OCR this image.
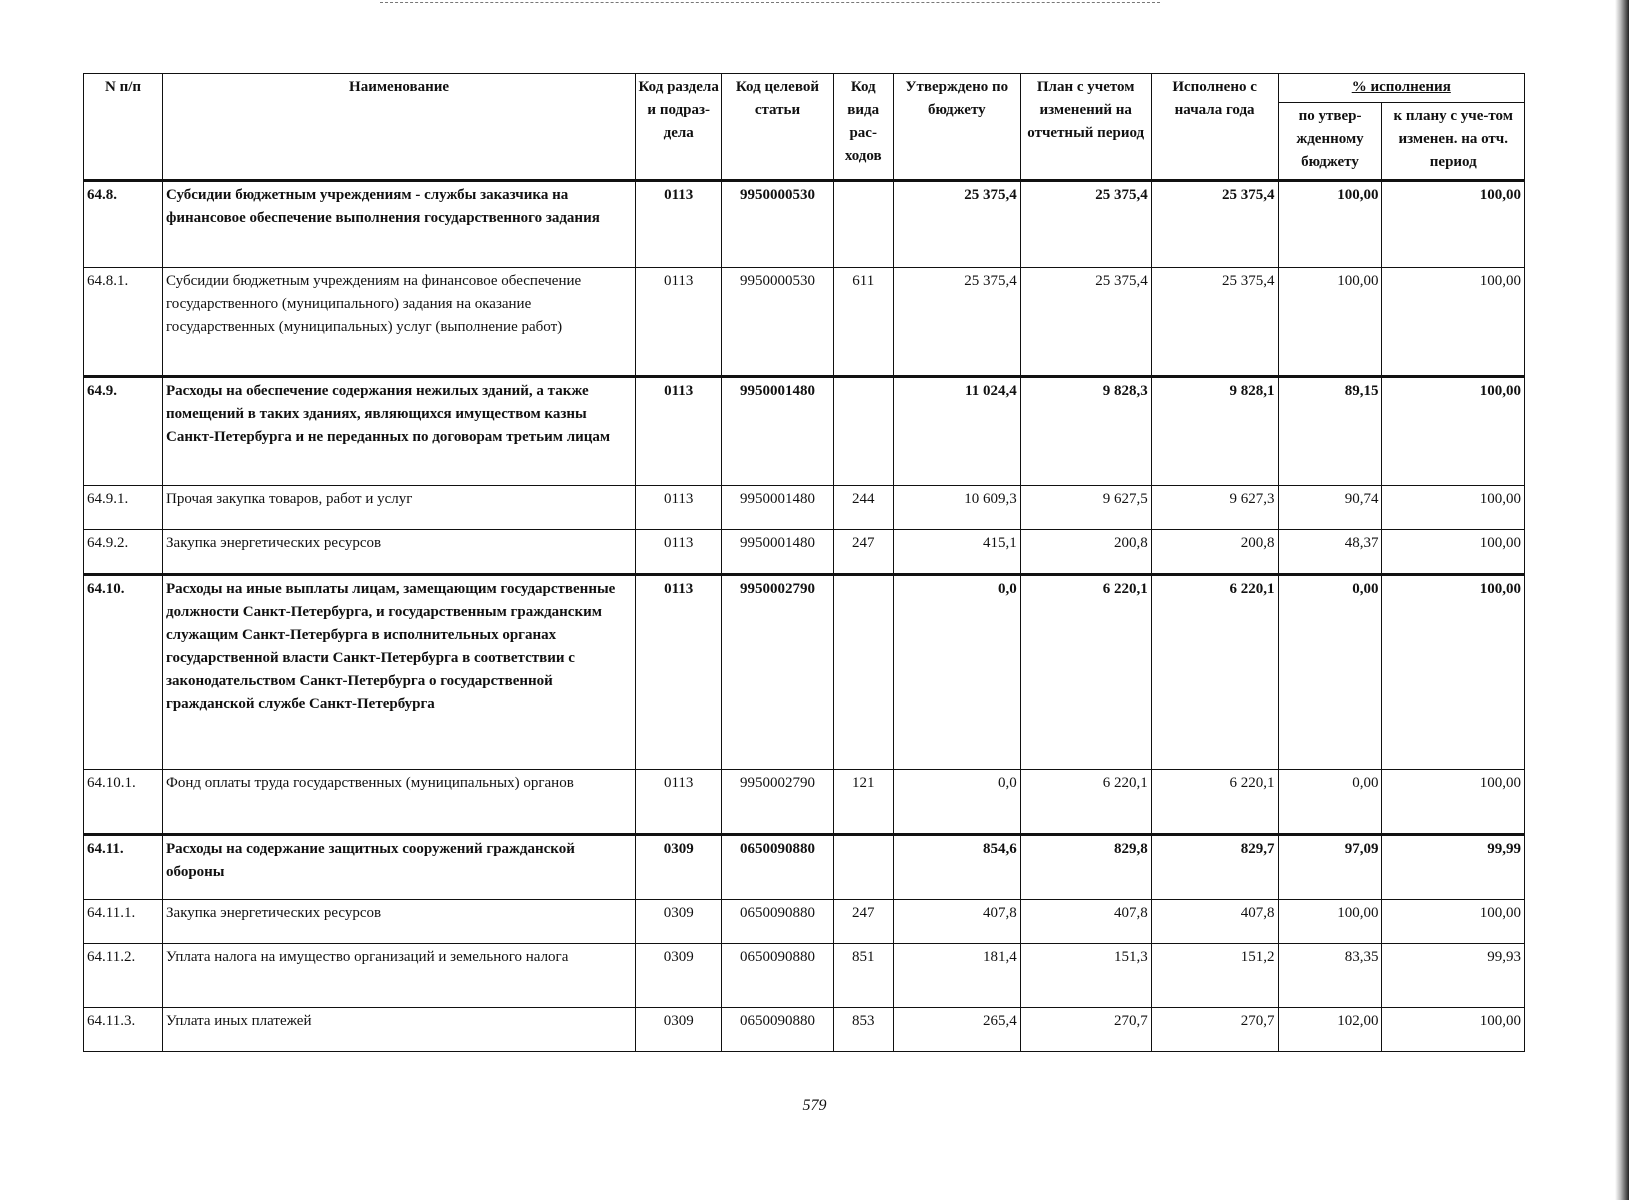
N п/п	Наименование	Код раздела и подраз-дела	Код целевой статьи	Код вида рас-ходов	Утверждено по бюджету	План с учетом изменений на отчетный период	Исполнено с начала года	% исполнения	
								по утвер-жденному бюджету	к плану с уче-том изменен. на отч. период
64.8.	Субсидии бюджетным учреждениям - службы заказчика на финансовое обеспечение выполнения государственного задания	0113	9950000530		25 375,4	25 375,4	25 375,4	100,00	100,00
64.8.1.	Субсидии бюджетным учреждениям на финансовое обеспечение государственного (муниципального) задания на оказание государственных (муниципальных) услуг (выполнение работ)	0113	9950000530	611	25 375,4	25 375,4	25 375,4	100,00	100,00
64.9.	Расходы на обеспечение содержания нежилых зданий, а также помещений в таких зданиях, являющихся имуществом казны Санкт-Петербурга и не переданных по договорам третьим лицам	0113	9950001480		11 024,4	9 828,3	9 828,1	89,15	100,00
64.9.1.	Прочая закупка товаров, работ и услуг	0113	9950001480	244	10 609,3	9 627,5	9 627,3	90,74	100,00
64.9.2.	Закупка энергетических ресурсов	0113	9950001480	247	415,1	200,8	200,8	48,37	100,00
64.10.	Расходы на иные выплаты лицам, замещающим государственные должности Санкт-Петербурга, и государственным гражданским служащим Санкт-Петербурга в исполнительных органах государственной власти Санкт-Петербурга в соответствии с законодательством Санкт-Петербурга о государственной гражданской службе Санкт-Петербурга	0113	9950002790		0,0	6 220,1	6 220,1	0,00	100,00
64.10.1.	Фонд оплаты труда государственных (муниципальных) органов	0113	9950002790	121	0,0	6 220,1	6 220,1	0,00	100,00
64.11.	Расходы на содержание защитных сооружений гражданской обороны	0309	0650090880		854,6	829,8	829,7	97,09	99,99
64.11.1.	Закупка энергетических ресурсов	0309	0650090880	247	407,8	407,8	407,8	100,00	100,00
64.11.2.	Уплата налога на имущество организаций и земельного налога	0309	0650090880	851	181,4	151,3	151,2	83,35	99,93
64.11.3.	Уплата иных платежей	0309	0650090880	853	265,4	270,7	270,7	102,00	100,00
579
